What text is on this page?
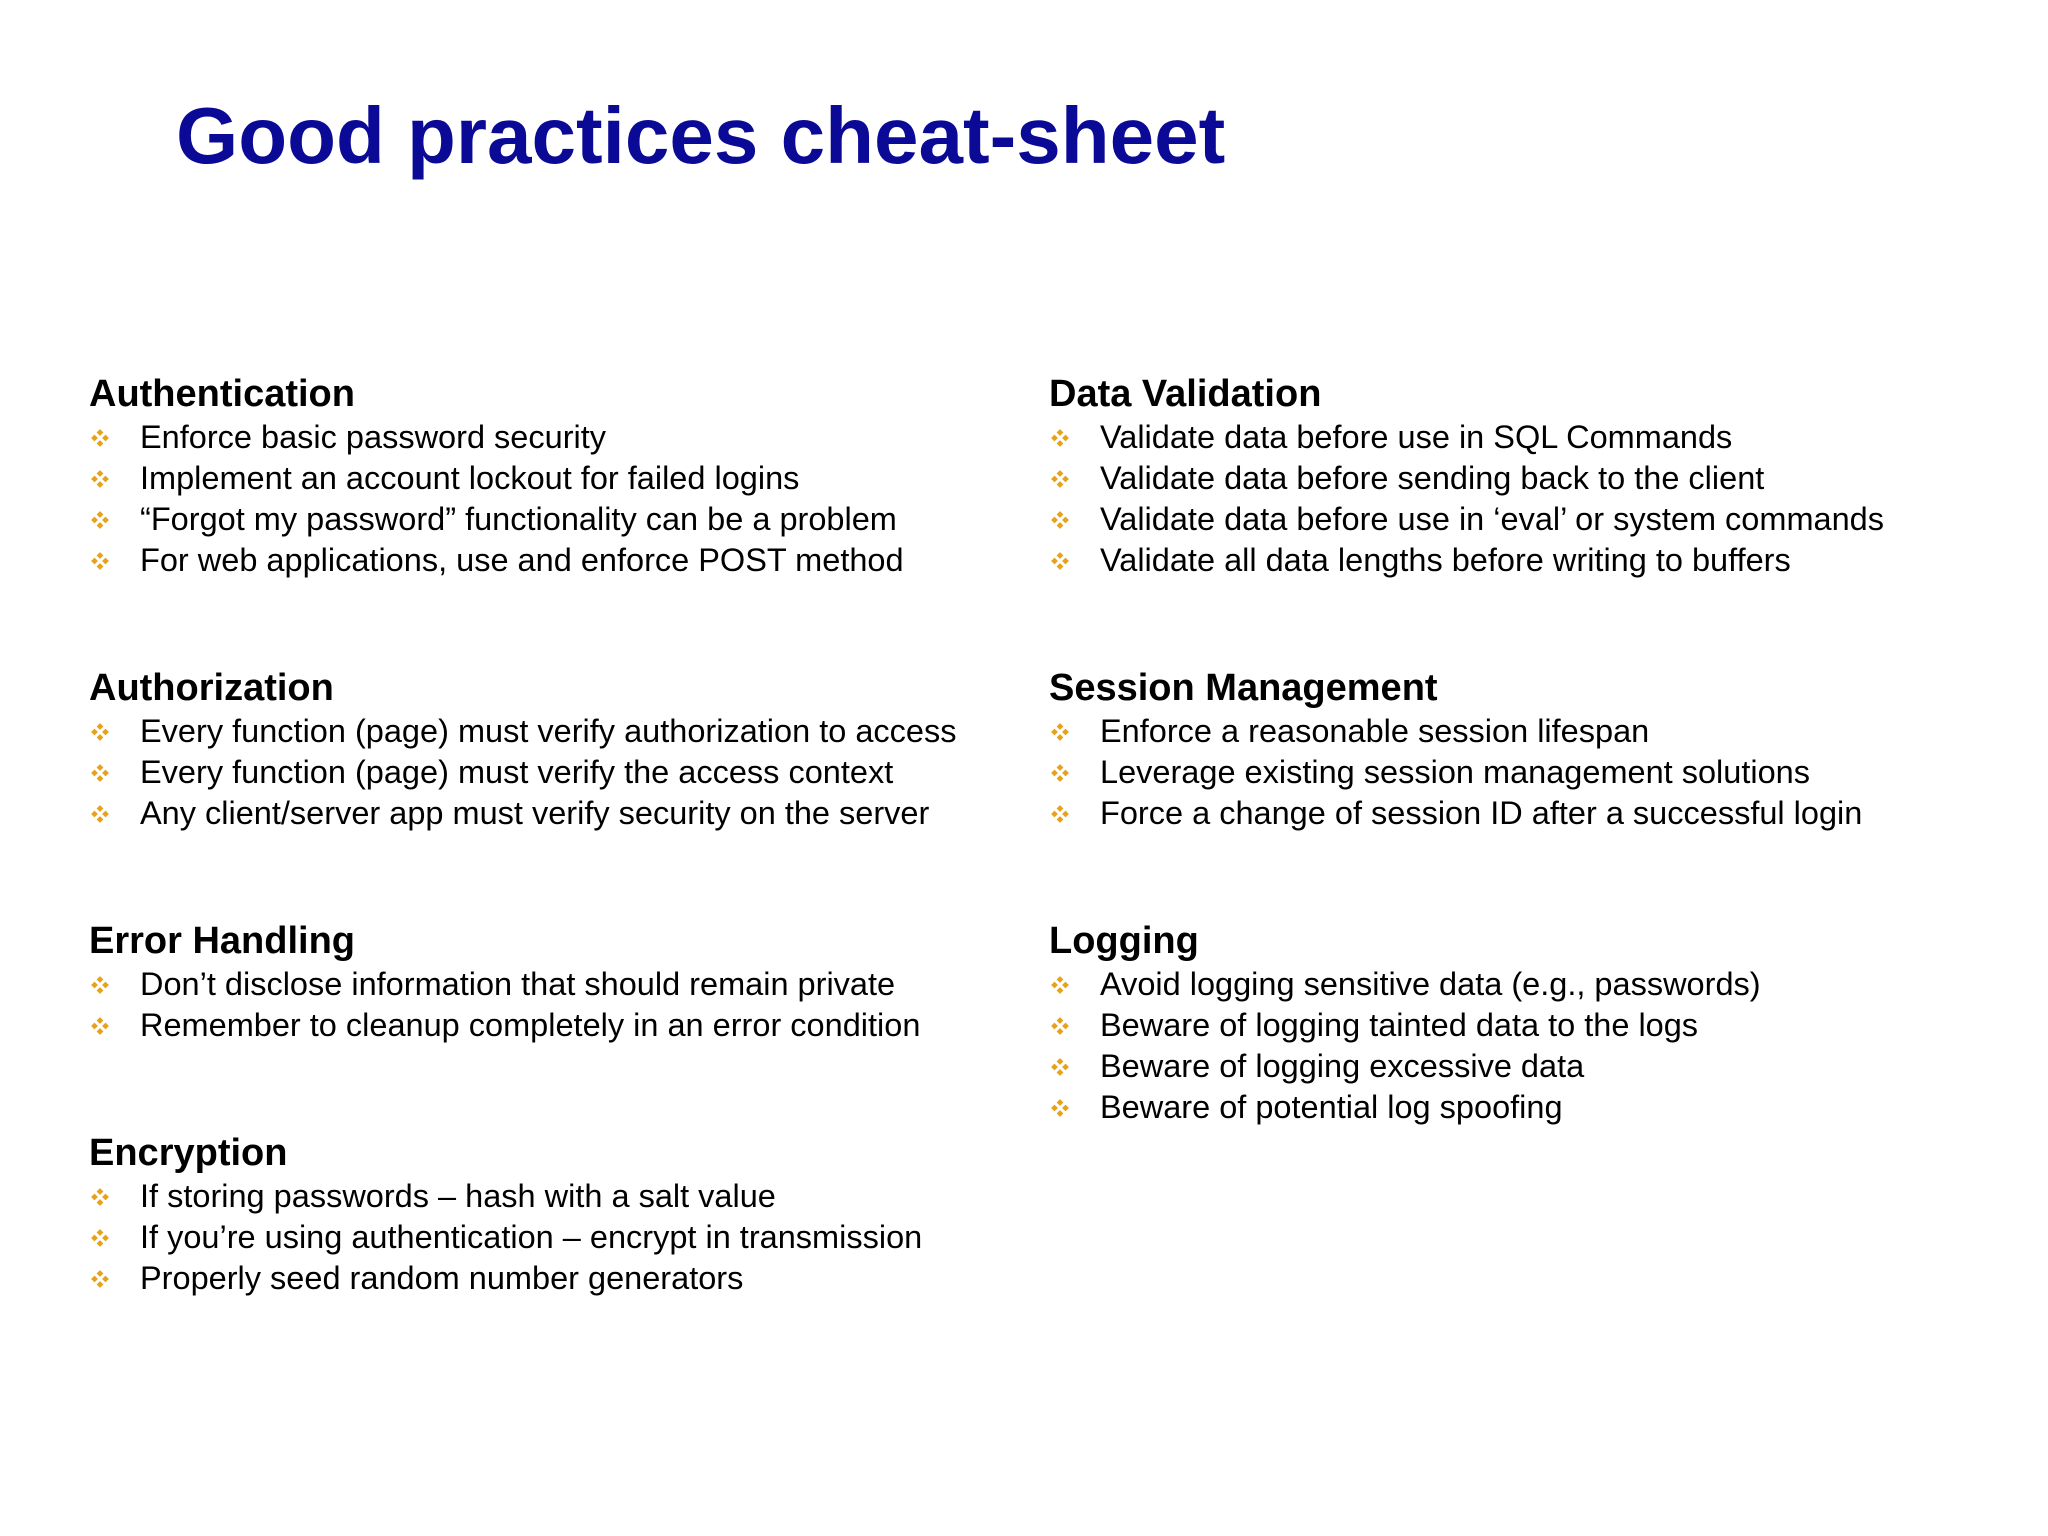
Good practices cheat-sheet
Authentication
Enforce basic password security
Implement an account lockout for failed logins
“Forgot my password” functionality can be a problem
For web applications, use and enforce POST method
Authorization
Every function (page) must verify authorization to access
Every function (page) must verify the access context
Any client/server app must verify security on the server
Error Handling
Don’t disclose information that should remain private
Remember to cleanup completely in an error condition
Encryption
If storing passwords – hash with a salt value
If you’re using authentication – encrypt in transmission
Properly seed random number generators
Data Validation
Validate data before use in SQL Commands
Validate data before sending back to the client
Validate data before use in ‘eval’ or system commands
Validate all data lengths before writing to buffers
Session Management
Enforce a reasonable session lifespan
Leverage existing session management solutions
Force a change of session ID after a successful login
Logging
Avoid logging sensitive data (e.g., passwords)
Beware of logging tainted data to the logs
Beware of logging excessive data
Beware of potential log spoofing
